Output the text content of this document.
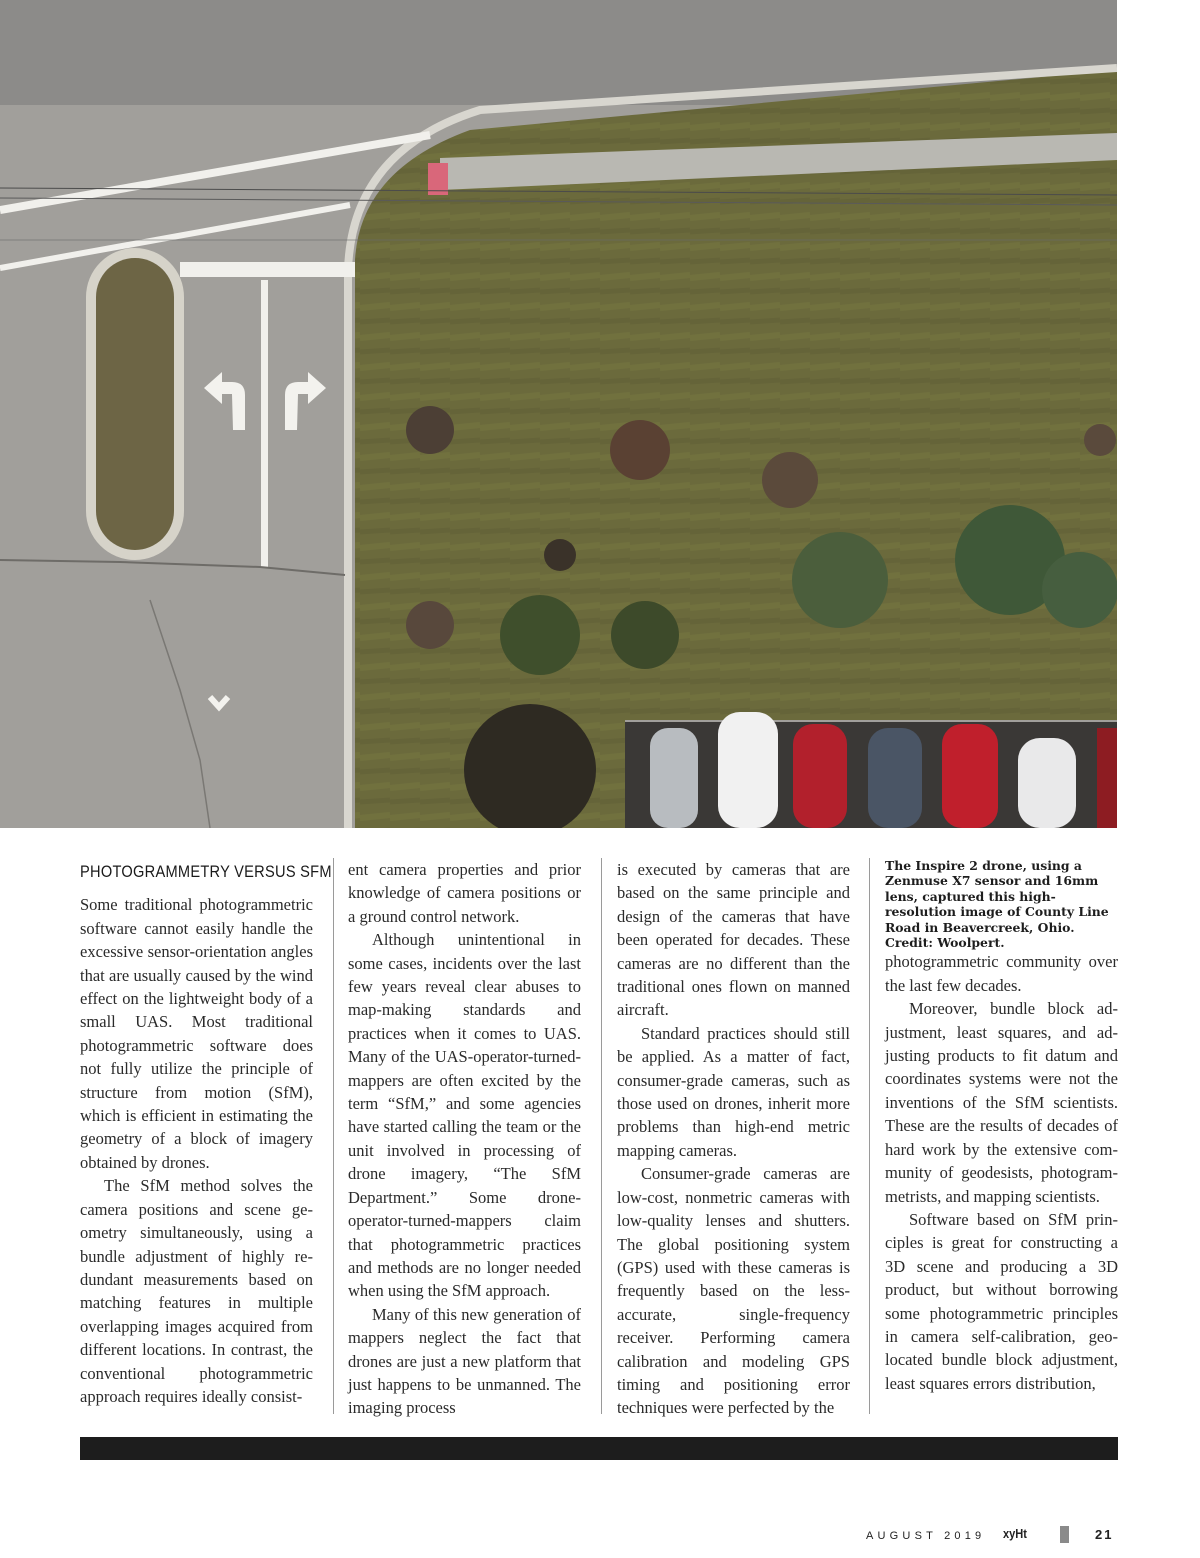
PHOTOGRAMMETRY VERSUS SFM

Some traditional photogrammetric software cannot easily handle the excessive sensor-orientation angles that are usually caused by the wind effect on the lightweight body of a small UAS. Most traditional photogrammetric software does not fully utilize the principle of structure from motion (SfM), which is efficient in estimating the geometry of a block of imagery obtained by drones.

The SfM method solves the camera positions and scene geometry simultaneously, using a bundle adjustment of highly redundant measurements based on matching features in multiple overlapping images acquired from different locations. In contrast, the conventional photogrammetric approach requires ideally consist-

ent camera properties and prior knowledge of camera positions or a ground control network.

Although unintentional in some cases, incidents over the last few years reveal clear abuses to map-making standards and practices when it comes to UAS. Many of the UAS-operator-turned-mappers are often excited by the term “SfM,” and some agencies have started calling the team or the unit involved in processing of drone imagery, “The SfM Department.” Some drone-operator-turned-mappers claim that photogrammetric practices and methods are no longer needed when using the SfM approach.

Many of this new generation of mappers neglect the fact that drones are just a new platform that just happens to be unmanned. The imaging process

is executed by cameras that are based on the same principle and design of the cameras that have been operated for decades. These cameras are no different than the traditional ones flown on manned aircraft.

Standard practices should still be applied. As a matter of fact, consumer-grade cameras, such as those used on drones, inherit more problems than high-end metric mapping cameras.

Consumer-grade cameras are low-cost, nonmetric cameras with low-quality lenses and shutters. The global positioning system (GPS) used with these cameras is frequently based on the less-accurate, single-frequency receiver. Performing camera calibration and modeling GPS timing and positioning error techniques were perfected by the

The Inspire 2 drone, using a Zenmuse X7 sensor and 16mm lens, captured this high-resolution image of County Line Road in Beavercreek, Ohio. Credit: Woolpert.

photogrammetric community over the last few decades.

Moreover, bundle block adjustment, least squares, and adjusting products to fit datum and coordinates systems were not the inventions of the SfM scientists. These are the results of decades of hard work by the extensive community of geodesists, photogrammetrists, and mapping scientists.

Software based on SfM principles is great for constructing a 3D scene and producing a 3D product, but without borrowing some photogrammetric principles in camera self-calibration, geolocated bundle block adjustment, least squares errors distribution,

AUGUST 2019 xyHt	21
